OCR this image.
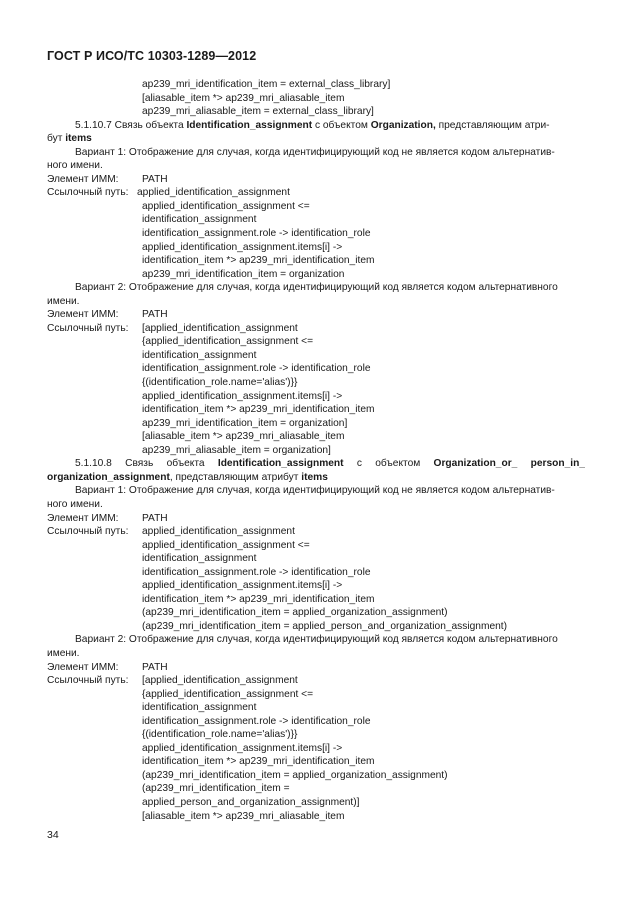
ГОСТ Р ИСО/ТС 10303-1289—2012
ap239_mri_identification_item = external_class_library]
[aliasable_item *> ap239_mri_aliasable_item
ap239_mri_aliasable_item = external_class_library]
5.1.10.7 Связь объекта Identification_assignment с объектом Organization, представляющим атри-
бут items
Вариант 1: Отображение для случая, когда идентифицирующий код не является кодом альтернатив-
ного имени.
Элемент ИММ: PATH
Ссылочный путь: applied_identification_assignment
applied_identification_assignment <=
identification_assignment
identification_assignment.role -> identification_role
applied_identification_assignment.items[i] ->
identification_item *> ap239_mri_identification_item
ap239_mri_identification_item = organization
Вариант 2: Отображение для случая, когда идентифицирующий код является кодом альтернативного
имени.
Элемент ИММ: PATH
Ссылочный путь: [applied_identification_assignment
{applied_identification_assignment <=
identification_assignment
identification_assignment.role -> identification_role
{(identification_role.name='alias')}}
applied_identification_assignment.items[i] ->
identification_item *> ap239_mri_identification_item
ap239_mri_identification_item = organization]
[aliasable_item *> ap239_mri_aliasable_item
ap239_mri_aliasable_item = organization]
5.1.10.8 Связь объекта Identification_assignment с объектом Organization_or_ person_in_
organization_assignment, представляющим атрибут items
Вариант 1: Отображение для случая, когда идентифицирующий код не является кодом альтернатив-
ного имени.
Элемент ИММ: PATH
Ссылочный путь: applied_identification_assignment
applied_identification_assignment <=
identification_assignment
identification_assignment.role -> identification_role
applied_identification_assignment.items[i] ->
identification_item *> ap239_mri_identification_item
(ap239_mri_identification_item = applied_organization_assignment)
(ap239_mri_identification_item = applied_person_and_organization_assignment)
Вариант 2: Отображение для случая, когда идентифицирующий код является кодом альтернативного
имени.
Элемент ИММ: PATH
Ссылочный путь: [applied_identification_assignment
{applied_identification_assignment <=
identification_assignment
identification_assignment.role -> identification_role
{(identification_role.name='alias')}}
applied_identification_assignment.items[i] ->
identification_item *> ap239_mri_identification_item
(ap239_mri_identification_item = applied_organization_assignment)
(ap239_mri_identification_item =
applied_person_and_organization_assignment)]
[aliasable_item *> ap239_mri_aliasable_item
34
